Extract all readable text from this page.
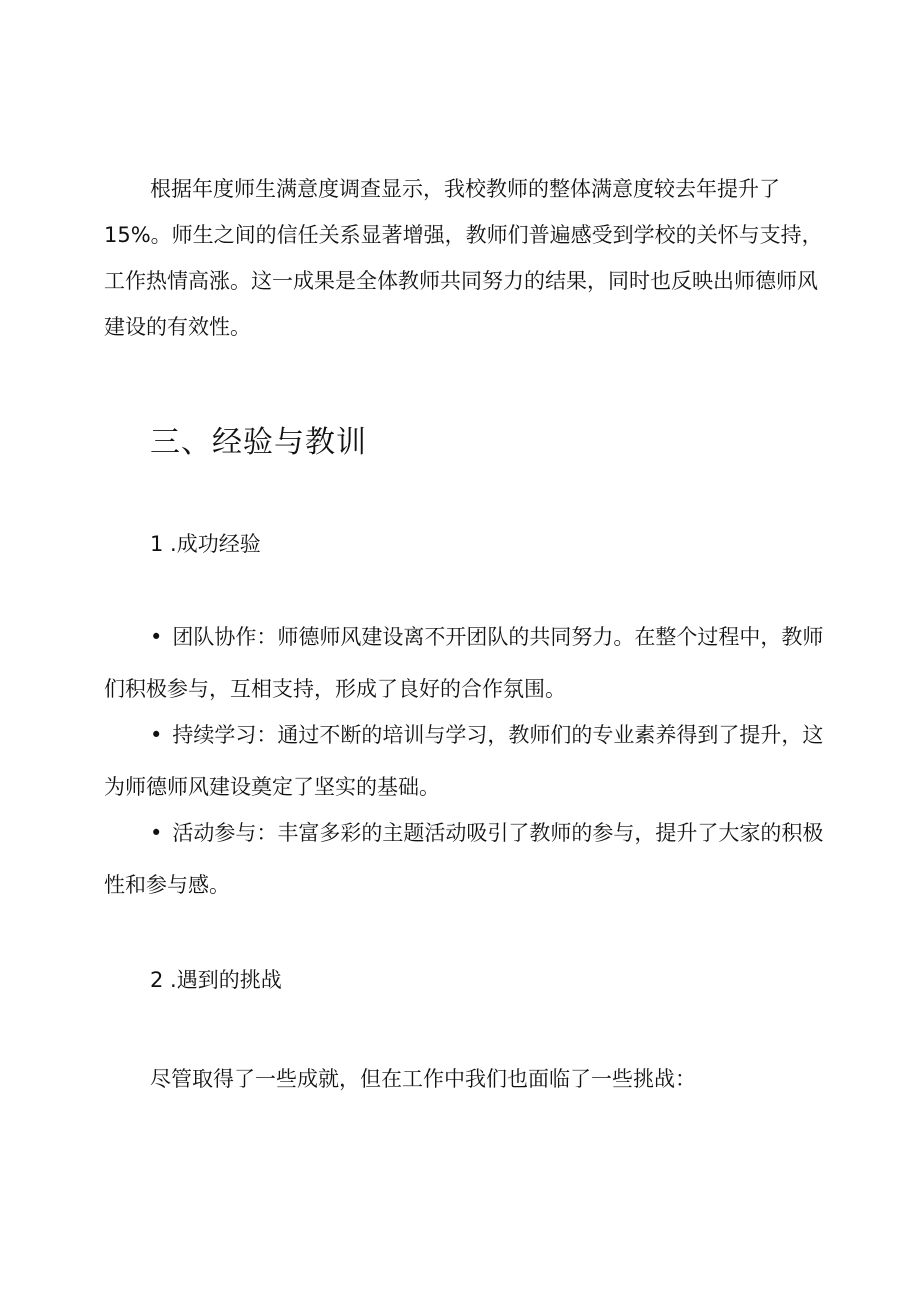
根据年度师生满意度调查显示，我校教师的整体满意度较去年提升了15%。师生之间的信任关系显著增强，教师们普遍感受到学校的关怀与支持，工作热情高涨。这一成果是全体教师共同努力的结果，同时也反映出师德师风建设的有效性。

三、经验与教训

1 .成功经验

• 团队协作：师德师风建设离不开团队的共同努力。在整个过程中，教师们积极参与，互相支持，形成了良好的合作氛围。

• 持续学习：通过不断的培训与学习，教师们的专业素养得到了提升，这为师德师风建设奠定了坚实的基础。

• 活动参与：丰富多彩的主题活动吸引了教师的参与，提升了大家的积极性和参与感。

2 .遇到的挑战

尽管取得了一些成就，但在工作中我们也面临了一些挑战：
